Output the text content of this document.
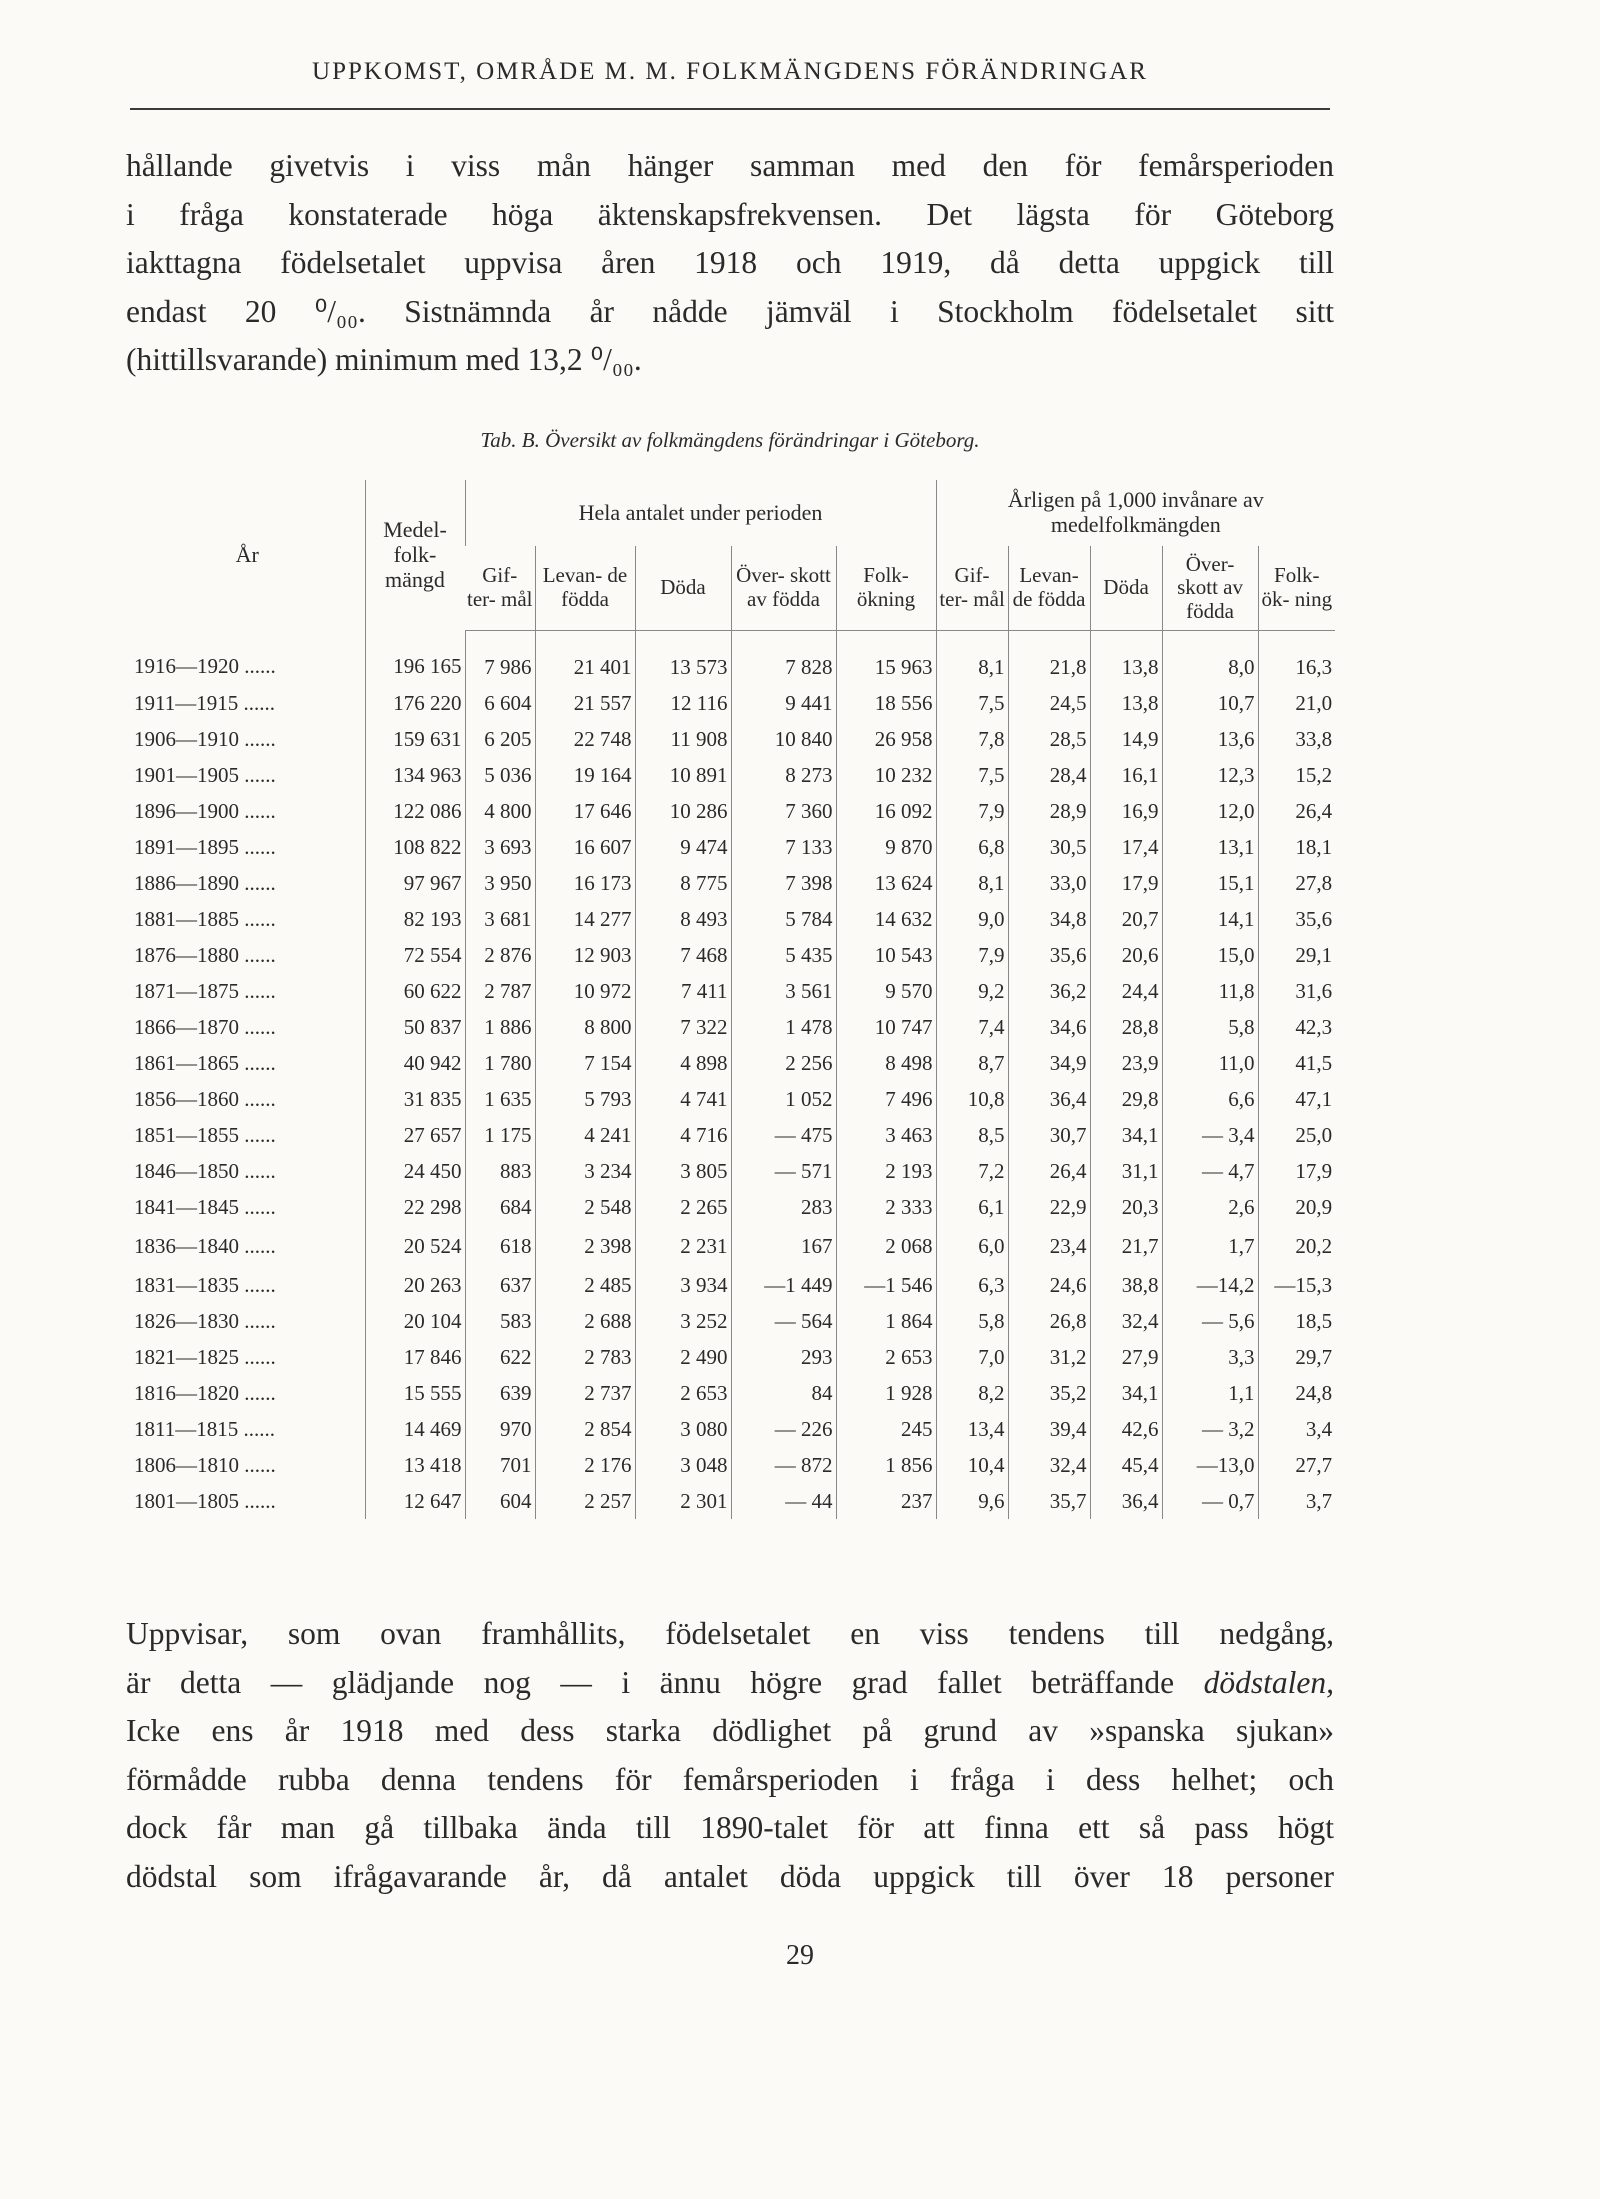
UPPKOMST, OMRÅDE M. M. FOLKMÄNGDENS FÖRÄNDRINGAR
hållande givetvis i viss mån hänger samman med den för femårsperioden
i fråga konstaterade höga äktenskapsfrekvensen. Det lägsta för Göteborg
iakttagna födelsetalet uppvisa åren 1918 och 1919, då detta uppgick till
endast 20 ⁰/₀₀. Sistnämnda år nådde jämväl i Stockholm födelsetalet sitt
(hittillsvarande) minimum med 13,2 ⁰/₀₀.
Tab. B. Översikt av folkmängdens förändringar i Göteborg.
År	Medel- folk- mängd	Hela antalet under perioden					Årligen på 1,000 invånare av medelfolkmängden				
		Gif- ter- mål	Levan- de födda	Döda	Över- skott av födda	Folk- ökning	Gif- ter- mål	Levan- de födda	Döda	Över- skott av födda	Folk- ök- ning
1916—1920 ......	196 165	7 986	21 401	13 573	7 828	15 963	8,1	21,8	13,8	8,0	16,3
1911—1915 ......	176 220	6 604	21 557	12 116	9 441	18 556	7,5	24,5	13,8	10,7	21,0
1906—1910 ......	159 631	6 205	22 748	11 908	10 840	26 958	7,8	28,5	14,9	13,6	33,8
1901—1905 ......	134 963	5 036	19 164	10 891	8 273	10 232	7,5	28,4	16,1	12,3	15,2
1896—1900 ......	122 086	4 800	17 646	10 286	7 360	16 092	7,9	28,9	16,9	12,0	26,4
1891—1895 ......	108 822	3 693	16 607	9 474	7 133	9 870	6,8	30,5	17,4	13,1	18,1
1886—1890 ......	97 967	3 950	16 173	8 775	7 398	13 624	8,1	33,0	17,9	15,1	27,8
1881—1885 ......	82 193	3 681	14 277	8 493	5 784	14 632	9,0	34,8	20,7	14,1	35,6
1876—1880 ......	72 554	2 876	12 903	7 468	5 435	10 543	7,9	35,6	20,6	15,0	29,1
1871—1875 ......	60 622	2 787	10 972	7 411	3 561	9 570	9,2	36,2	24,4	11,8	31,6
1866—1870 ......	50 837	1 886	8 800	7 322	1 478	10 747	7,4	34,6	28,8	5,8	42,3
1861—1865 ......	40 942	1 780	7 154	4 898	2 256	8 498	8,7	34,9	23,9	11,0	41,5
1856—1860 ......	31 835	1 635	5 793	4 741	1 052	7 496	10,8	36,4	29,8	6,6	47,1
1851—1855 ......	27 657	1 175	4 241	4 716	— 475	3 463	8,5	30,7	34,1	— 3,4	25,0
1846—1850 ......	24 450	883	3 234	3 805	— 571	2 193	7,2	26,4	31,1	— 4,7	17,9
1841—1845 ......	22 298	684	2 548	2 265	283	2 333	6,1	22,9	20,3	2,6	20,9
1836—1840 ......	20 524	618	2 398	2 231	167	2 068	6,0	23,4	21,7	1,7	20,2
1831—1835 ......	20 263	637	2 485	3 934	—1 449	—1 546	6,3	24,6	38,8	—14,2	—15,3
1826—1830 ......	20 104	583	2 688	3 252	— 564	1 864	5,8	26,8	32,4	— 5,6	18,5
1821—1825 ......	17 846	622	2 783	2 490	293	2 653	7,0	31,2	27,9	3,3	29,7
1816—1820 ......	15 555	639	2 737	2 653	84	1 928	8,2	35,2	34,1	1,1	24,8
1811—1815 ......	14 469	970	2 854	3 080	— 226	245	13,4	39,4	42,6	— 3,2	3,4
1806—1810 ......	13 418	701	2 176	3 048	— 872	1 856	10,4	32,4	45,4	—13,0	27,7
1801—1805 ......	12 647	604	2 257	2 301	— 44	237	9,6	35,7	36,4	— 0,7	3,7
Uppvisar, som ovan framhållits, födelsetalet en viss tendens till nedgång,
är detta — glädjande nog — i ännu högre grad fallet beträffande dödstalen,
Icke ens år 1918 med dess starka dödlighet på grund av »spanska sjukan»
förmådde rubba denna tendens för femårsperioden i fråga i dess helhet; och
dock får man gå tillbaka ända till 1890-talet för att finna ett så pass högt
dödstal som ifrågavarande år, då antalet döda uppgick till över 18 personer
29
